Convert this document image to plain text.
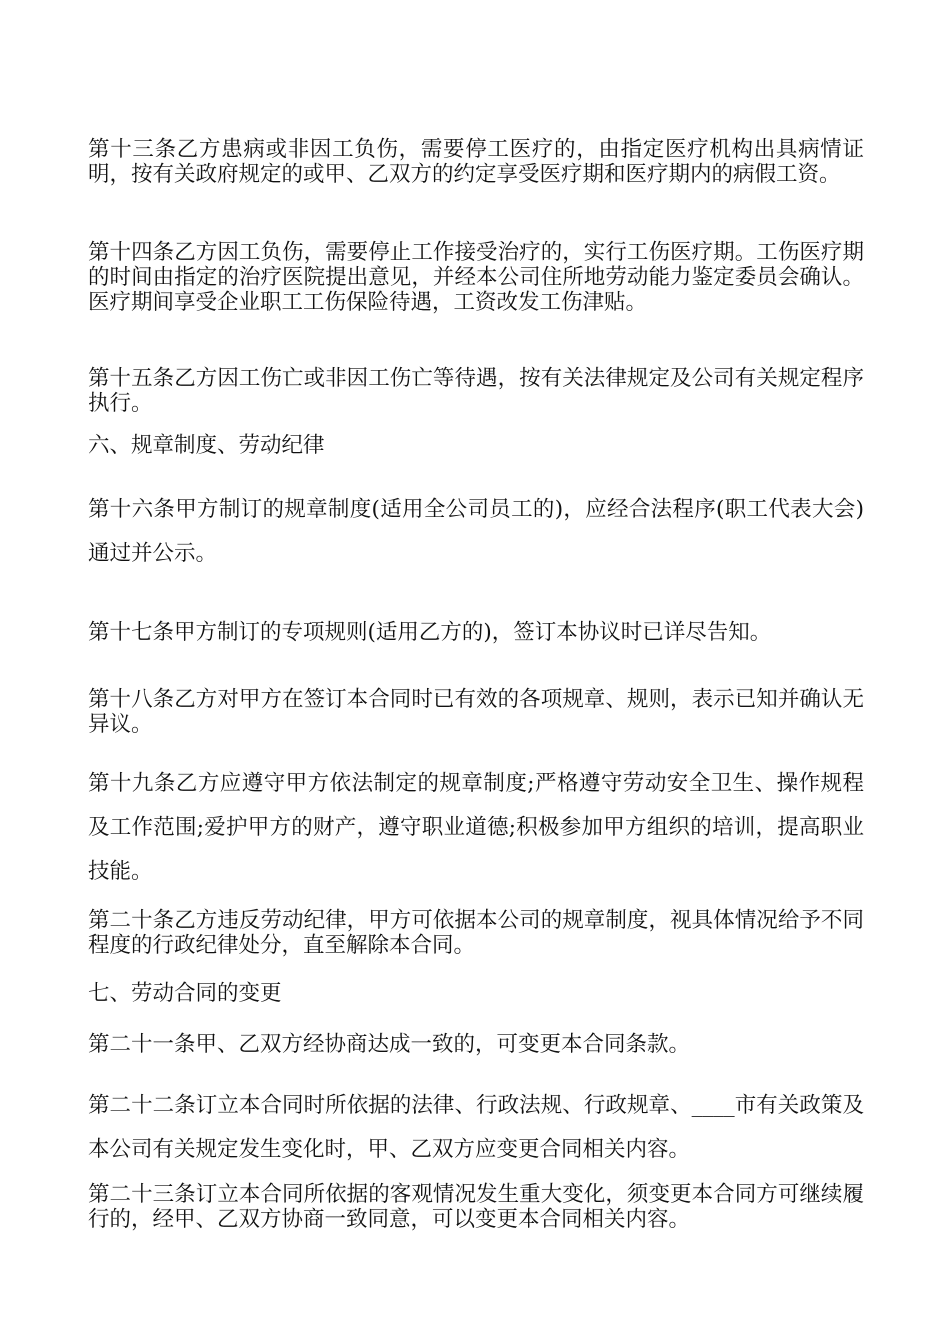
第十三条乙方患病或非因工负伤，需要停工医疗的，由指定医疗机构出具病情证明，按有关政府规定的或甲、乙双方的约定享受医疗期和医疗期内的病假工资。

第十四条乙方因工负伤，需要停止工作接受治疗的，实行工伤医疗期。工伤医疗期的时间由指定的治疗医院提出意见，并经本公司住所地劳动能力鉴定委员会确认。医疗期间享受企业职工工伤保险待遇，工资改发工伤津贴。

第十五条乙方因工伤亡或非因工伤亡等待遇，按有关法律规定及公司有关规定程序执行。

六、规章制度、劳动纪律

第十六条甲方制订的规章制度(适用全公司员工的)，应经合法程序(职工代表大会)通过并公示。

第十七条甲方制订的专项规则(适用乙方的)，签订本协议时已详尽告知。

第十八条乙方对甲方在签订本合同时已有效的各项规章、规则，表示已知并确认无异议。

第十九条乙方应遵守甲方依法制定的规章制度;严格遵守劳动安全卫生、操作规程及工作范围;爱护甲方的财产，遵守职业道德;积极参加甲方组织的培训，提高职业技能。

第二十条乙方违反劳动纪律，甲方可依据本公司的规章制度，视具体情况给予不同程度的行政纪律处分，直至解除本合同。

七、劳动合同的变更

第二十一条甲、乙双方经协商达成一致的，可变更本合同条款。

第二十二条订立本合同时所依据的法律、行政法规、行政规章、____市有关政策及本公司有关规定发生变化时，甲、乙双方应变更合同相关内容。

第二十三条订立本合同所依据的客观情况发生重大变化，须变更本合同方可继续履行的，经甲、乙双方协商一致同意，可以变更本合同相关内容。
